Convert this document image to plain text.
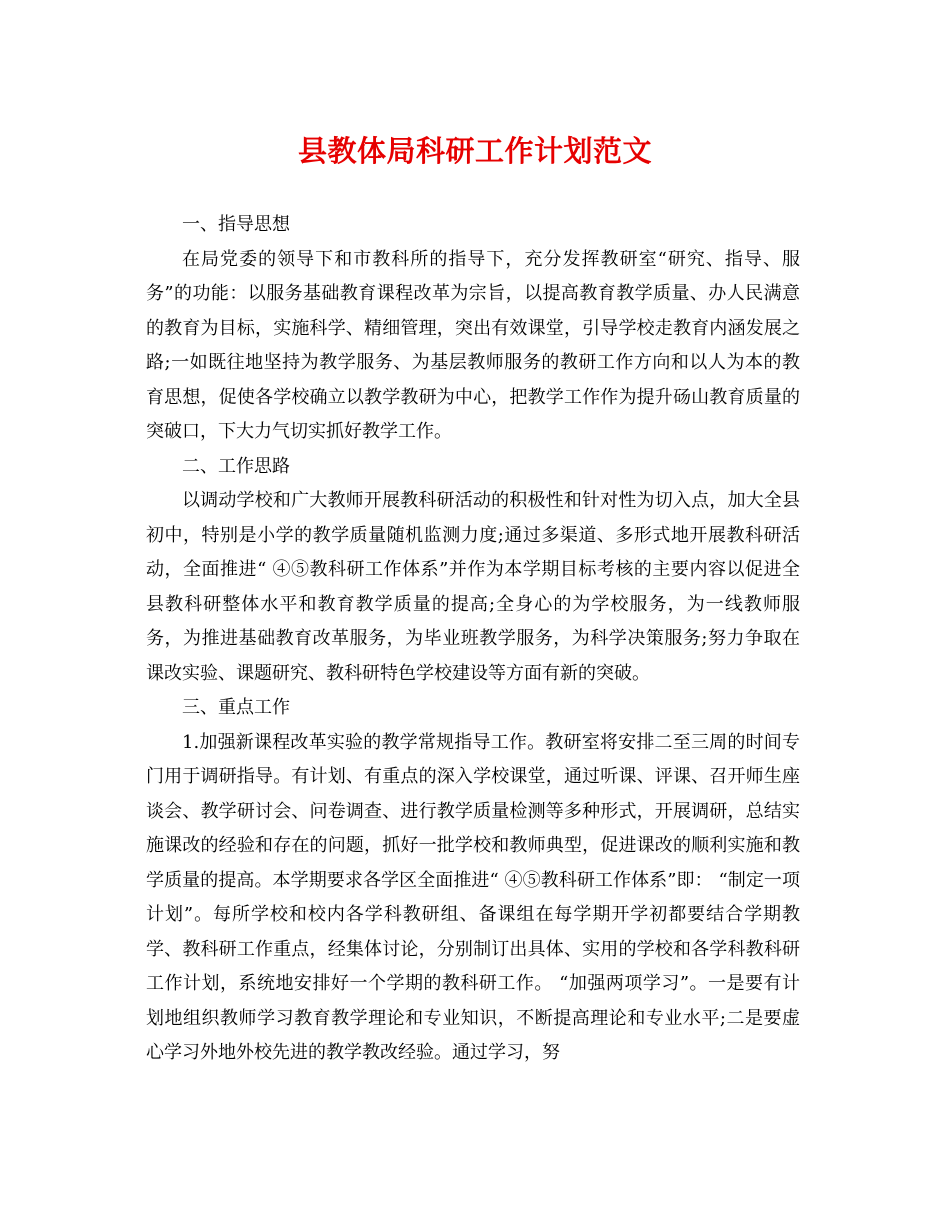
县教体局科研工作计划范文

一、指导思想

在局党委的领导下和市教科所的指导下，充分发挥教研室“研究、指导、服务”的功能：以服务基础教育课程改革为宗旨，以提高教育教学质量、办人民满意的教育为目标，实施科学、精细管理，突出有效课堂，引导学校走教育内涵发展之路;一如既往地坚持为教学服务、为基层教师服务的教研工作方向和以人为本的教育思想，促使各学校确立以教学教研为中心，把教学工作作为提升砀山教育质量的突破口，下大力气切实抓好教学工作。

二、工作思路

以调动学校和广大教师开展教科研活动的积极性和针对性为切入点，加大全县初中，特别是小学的教学质量随机监测力度;通过多渠道、多形式地开展教科研活动，全面推进“ ④⑤教科研工作体系”并作为本学期目标考核的主要内容以促进全县教科研整体水平和教育教学质量的提高;全身心的为学校服务，为一线教师服务，为推进基础教育改革服务，为毕业班教学服务，为科学决策服务;努力争取在课改实验、课题研究、教科研特色学校建设等方面有新的突破。

三、重点工作

1.加强新课程改革实验的教学常规指导工作。教研室将安排二至三周的时间专门用于调研指导。有计划、有重点的深入学校课堂，通过听课、评课、召开师生座谈会、教学研讨会、问卷调查、进行教学质量检测等多种形式，开展调研，总结实施课改的经验和存在的问题，抓好一批学校和教师典型，促进课改的顺利实施和教学质量的提高。本学期要求各学区全面推进“ ④⑤教科研工作体系”即： “制定一项计划”。每所学校和校内各学科教研组、备课组在每学期开学初都要结合学期教学、教科研工作重点，经集体讨论，分别制订出具体、实用的学校和各学科教科研工作计划，系统地安排好一个学期的教科研工作。 “加强两项学习”。一是要有计划地组织教师学习教育教学理论和专业知识，不断提高理论和专业水平;二是要虚心学习外地外校先进的教学教改经验。通过学习，努
